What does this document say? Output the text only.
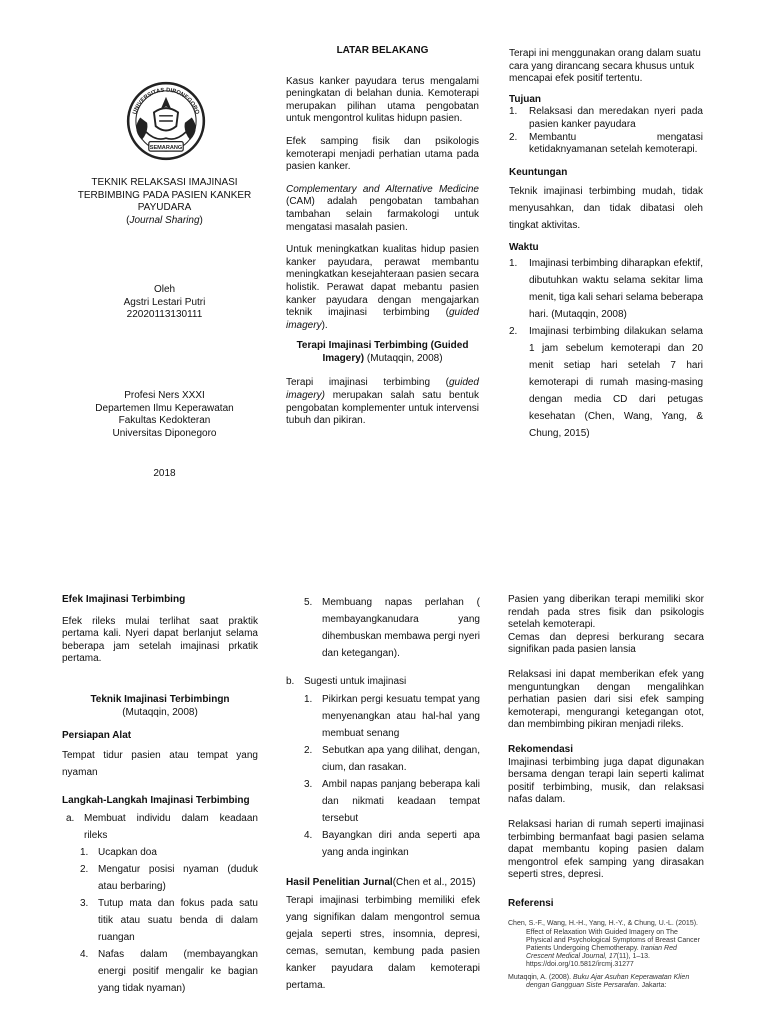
UNIVERSITAS DIPONEGORO
SEMARANG
TEKNIK RELAKSASI IMAJINASI
TERBIMBING PADA PASIEN KANKER
PAYUDARA
(Journal Sharing)
Oleh
Agstri Lestari Putri
22020113130111
Profesi Ners XXXI
Departemen Ilmu Keperawatan
Fakultas Kedokteran
Universitas Diponegoro
2018

LATAR BELAKANG

Kasus kanker payudara terus mengalami peningkatan di belahan dunia. Kemoterapi merupakan pilihan utama pengobatan untuk mengontrol kulitas hidupn pasien.

Efek samping fisik dan psikologis kemoterapi menjadi perhatian utama pada pasien kanker.

Complementary and Alternative Medicine (CAM) adalah pengobatan tambahan tambahan selain farmakologi untuk mengatasi masalah pasien.

Untuk meningkatkan kualitas hidup pasien kanker payudara, perawat membantu meningkatkan kesejahteraan pasien secara holistik. Perawat dapat mebantu pasien kanker payudara dengan mengajarkan teknik imajinasi terbimbing (guided imagery).

Terapi Imajinasi Terbimbing (Guided Imagery) (Mutaqqin, 2008)

Terapi imajinasi terbimbing (guided imagery) merupakan salah satu bentuk pengobatan komplementer untuk intervensi tubuh dan pikiran.

Terapi ini menggunakan orang dalam suatu cara yang dirancang secara khusus untuk mencapai efek positif tertentu.

Tujuan

1.	Relaksasi dan meredakan nyeri pada pasien kanker payudara
2.	Membantu mengatasi ketidaknyamanan setelah kemoterapi.

Keuntungan

Teknik imajinasi terbimbing mudah, tidak menyusahkan, dan tidak dibatasi oleh tingkat aktivitas.

Waktu

1.	Imajinasi terbimbing diharapkan efektif, dibutuhkan waktu selama sekitar lima menit, tiga kali sehari selama beberapa hari. (Mutaqqin, 2008)
2.	Imajinasi terbimbing dilakukan selama 1 jam sebelum kemoterapi dan 20 menit setiap hari setelah 7 hari kemoterapi di rumah masing-masing dengan media CD dari petugas kesehatan (Chen, Wang, Yang, & Chung, 2015)

Efek Imajinasi Terbimbing

Efek rileks mulai terlihat saat praktik pertama kali. Nyeri dapat berlanjut selama beberapa jam setelah imajinasi prkatik pertama.

Teknik Imajinasi Terbimbingn

(Mutaqqin, 2008)

Persiapan Alat

Tempat tidur pasien atau tempat yang nyaman

Langkah-Langkah Imajinasi Terbimbing

a. Membuat individu dalam keadaan rileks
1. Ucapkan doa
2. Mengatur posisi nyaman (duduk atau berbaring)
3. Tutup mata dan fokus pada satu titik atau suatu benda di dalam ruangan
4. Nafas dalam (membayangkan energi positif mengalir ke bagian yang tidak nyaman)
5. Membuang napas perlahan ( membayangkanudara yang dihembuskan membawa pergi nyeri dan ketegangan).
b. Sugesti untuk imajinasi
1. Pikirkan pergi kesuatu tempat yang menyenangkan atau hal-hal yang membuat senang
2. Sebutkan apa yang dilihat, dengan, cium, dan rasakan.
3. Ambil napas panjang beberapa kali dan nikmati keadaan tempat tersebut
4. Bayangkan diri anda seperti apa yang anda inginkan

Hasil Penelitian Jurnal(Chen et al., 2015)

Terapi imajinasi terbimbing memiliki efek yang signifikan dalam mengontrol semua gejala seperti stres, insomnia, depresi, cemas, semutan, kembung pada pasien kanker payudara dalam kemoterapi pertama.

Pasien yang diberikan terapi memiliki skor rendah pada stres fisik dan psikologis setelah kemoterapi.

Cemas dan depresi berkurang secara signifikan pada pasien lansia

Relaksasi ini dapat memberikan efek yang menguntungkan dengan mengalihkan perhatian pasien dari sisi efek samping kemoterapi, mengurangi ketegangan otot, dan membimbing pikiran menjadi rileks.

Rekomendasi

Imajinasi terbimbing juga dapat digunakan bersama dengan terapi lain seperti kalimat positif terbimbing, musik, dan relaksasi nafas dalam.

Relaksasi harian di rumah seperti imajinasi terbimbing bermanfaat bagi pasien selama dapat membantu koping pasien dalam mengontrol efek samping yang dirasakan seperti stres, depresi.

Referensi

Chen, S.-F., Wang, H.-H., Yang, H.-Y., & Chung, U.-L. (2015). Effect of Relaxation With Guided Imagery on The Physical and Psychological Symptoms of Breast Cancer Patients Undergoing Chemotherapy. Iranian Red Crescent Medical Journal, 17(11), 1–13. https://doi.org/10.5812/ircmj.31277

Mutaqqin, A. (2008). Buku Ajar Asuhan Keperawatan Klien dengan Gangguan Siste Persarafan. Jakarta:
